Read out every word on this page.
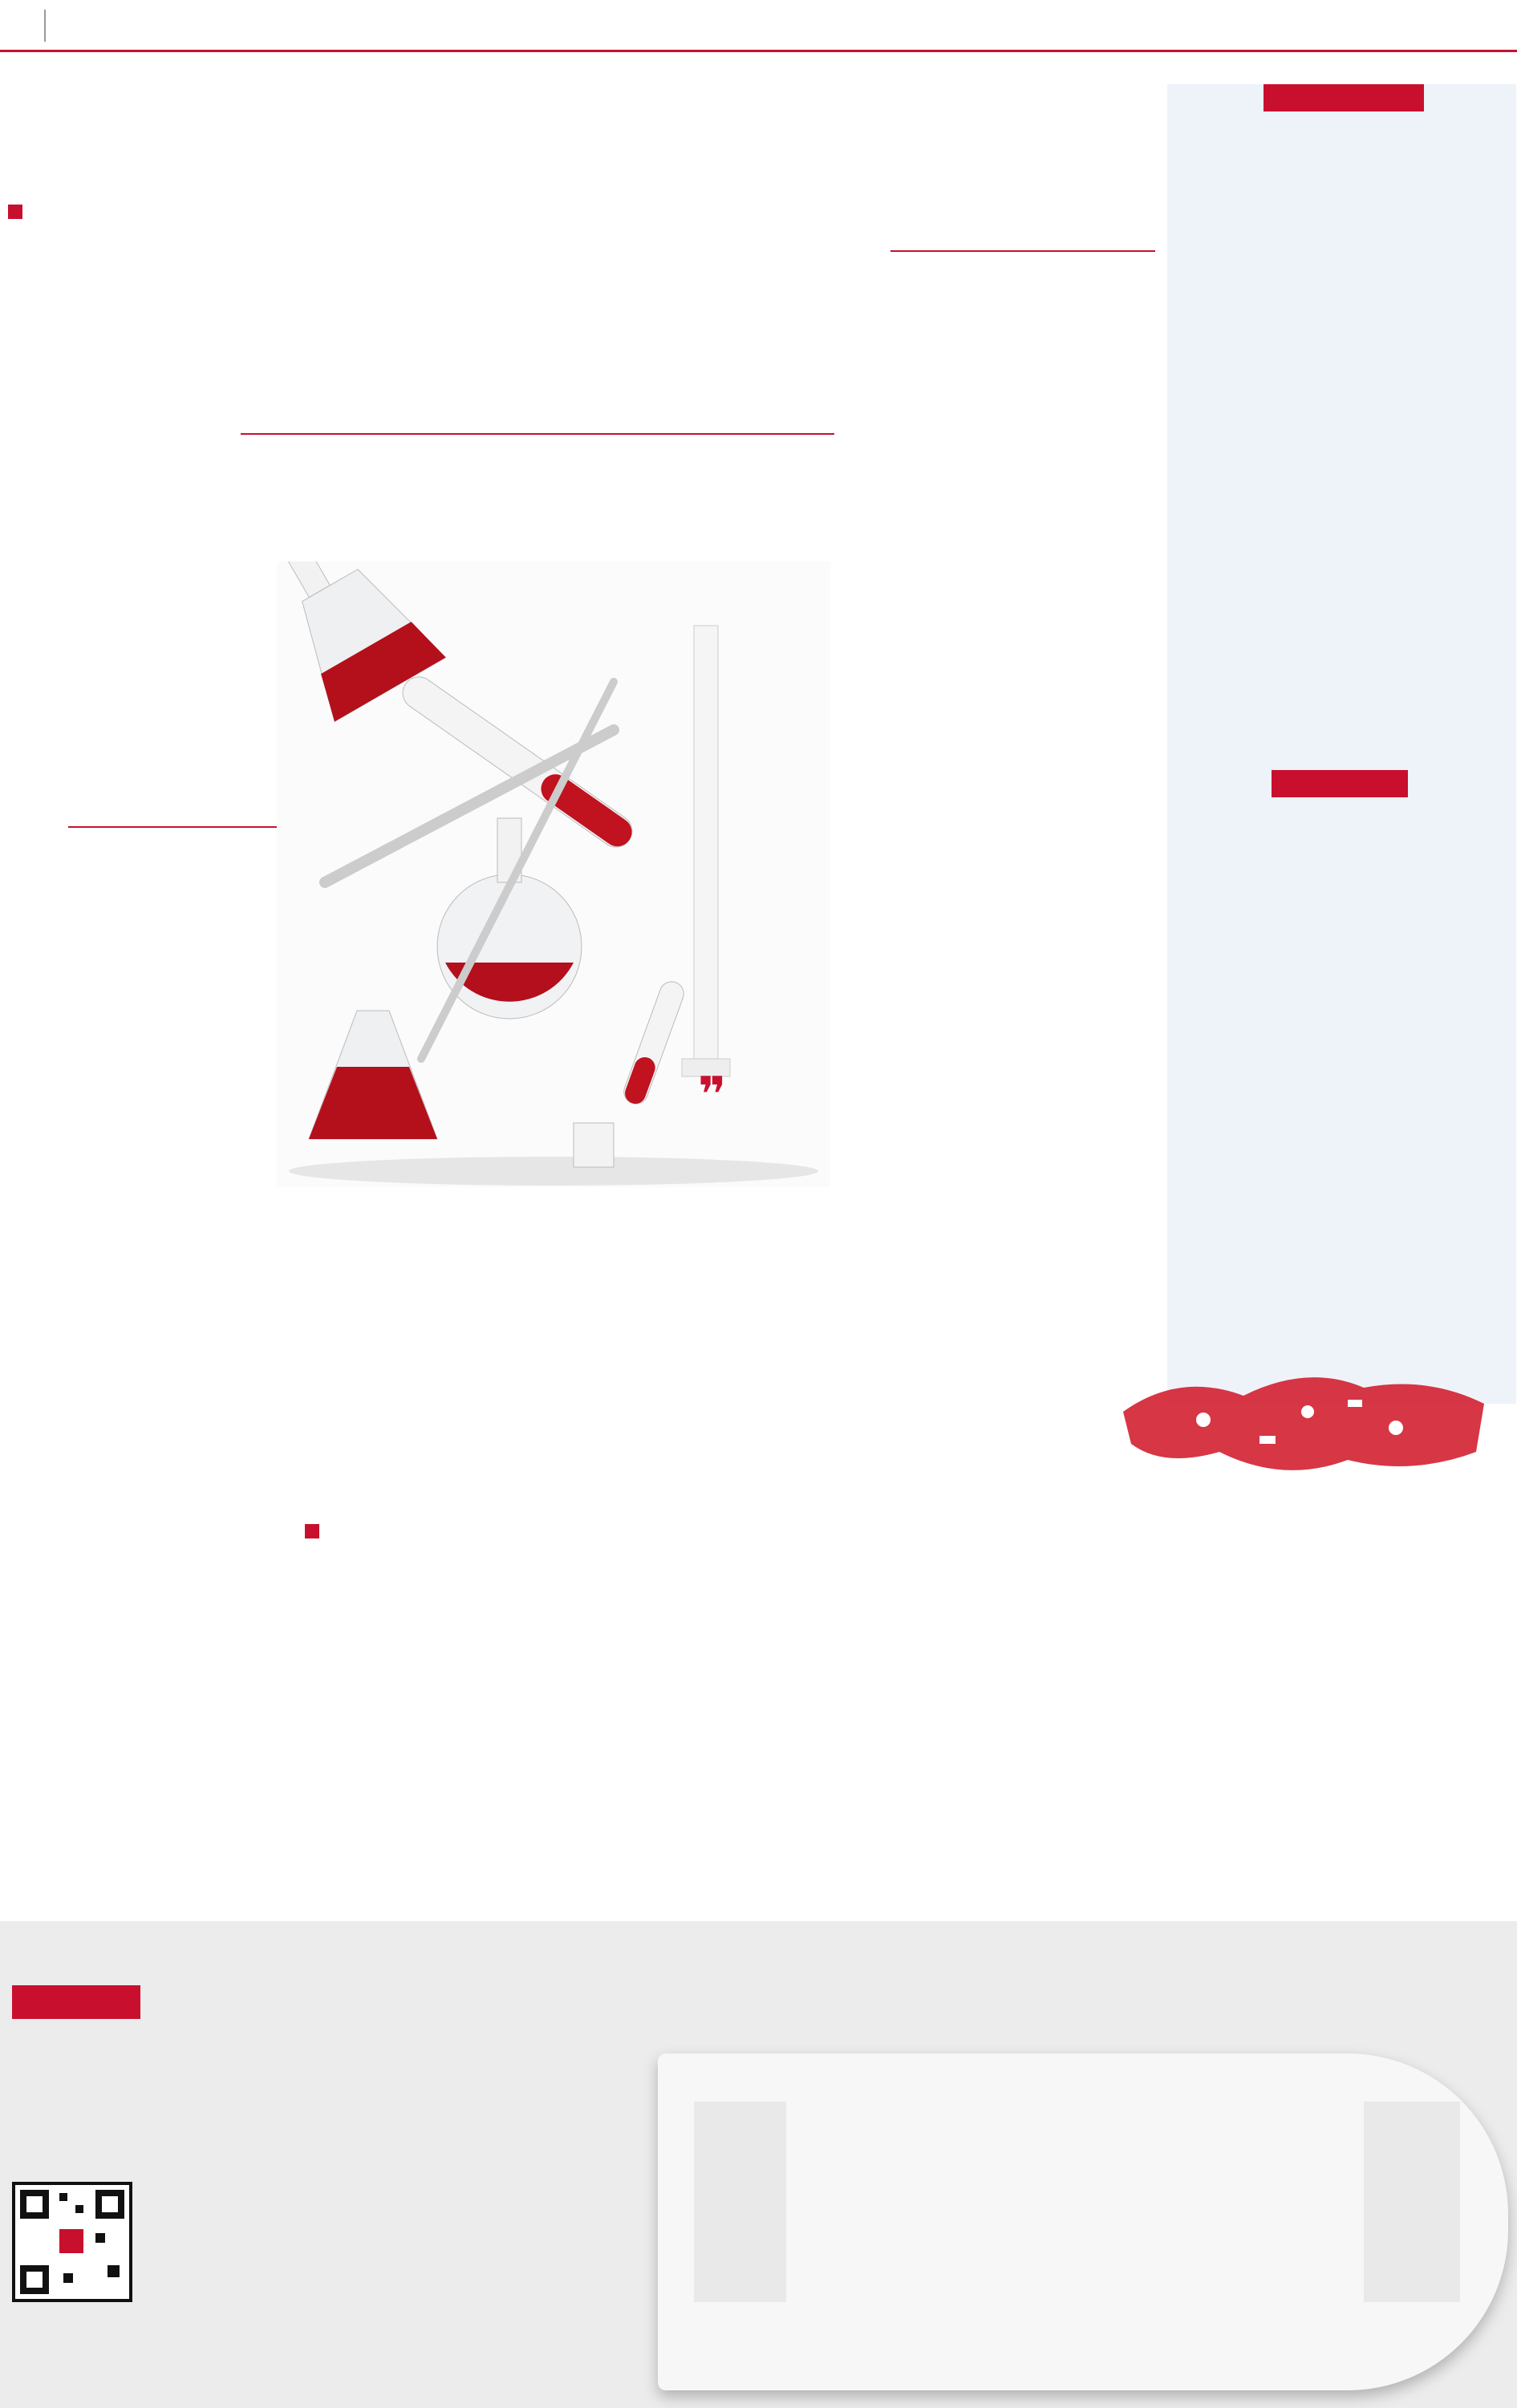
❞
